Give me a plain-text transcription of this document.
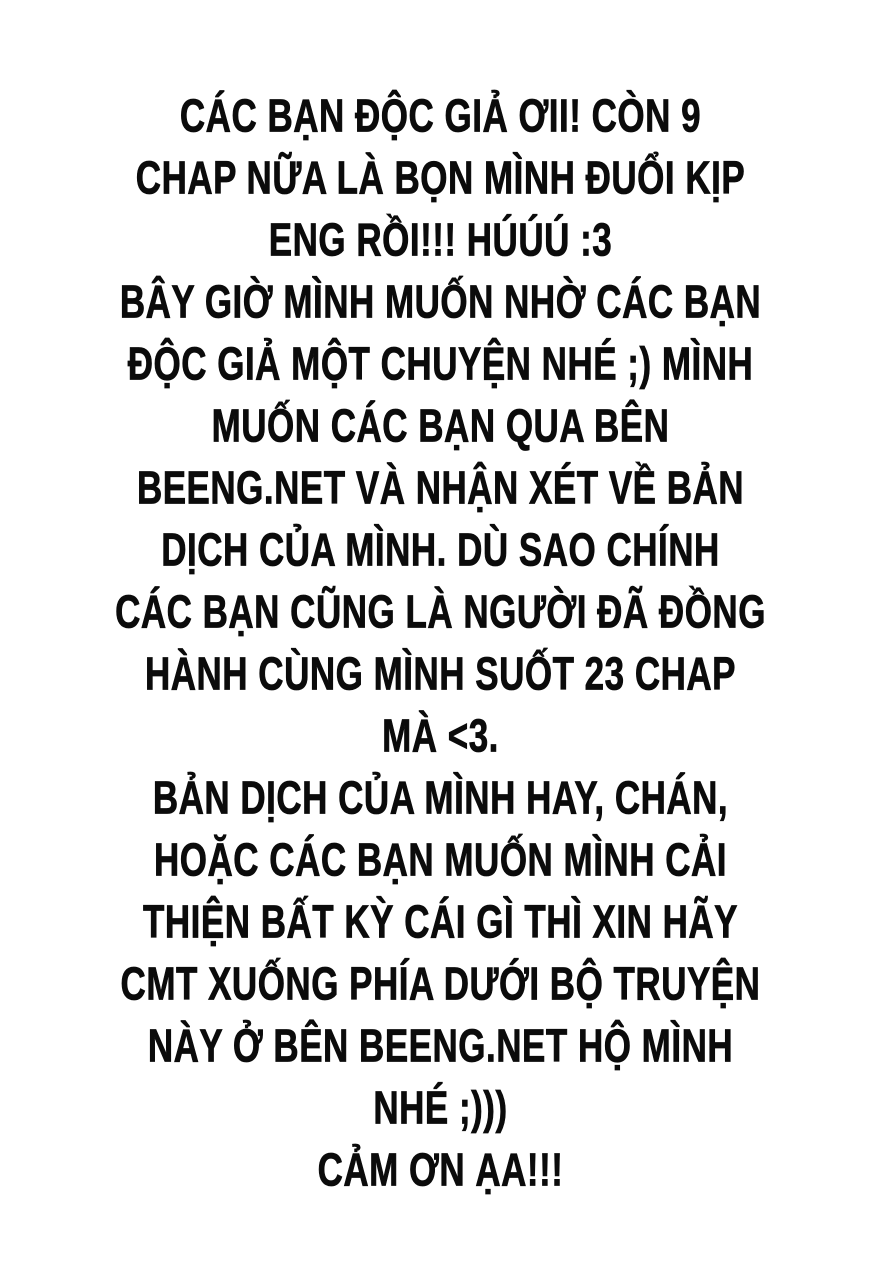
CÁC BẠN ĐỘC GIẢ ƠII! CÒN 9
CHAP NỮA LÀ BỌN MÌNH ĐUỔI KỊP
ENG RỒI!!! HÚÚÚ :3
BÂY GIỜ MÌNH MUỐN NHỜ CÁC BẠN
ĐỘC GIẢ MỘT CHUYỆN NHÉ ;) MÌNH
MUỐN CÁC BẠN QUA BÊN
BEENG.NET VÀ NHẬN XÉT VỀ BẢN
DỊCH CỦA MÌNH. DÙ SAO CHÍNH
CÁC BẠN CŨNG LÀ NGƯỜI ĐÃ ĐỒNG
HÀNH CÙNG MÌNH SUỐT 23 CHAP
MÀ <3.
BẢN DỊCH CỦA MÌNH HAY, CHÁN,
HOẶC CÁC BẠN MUỐN MÌNH CẢI
THIỆN BẤT KỲ CÁI GÌ THÌ XIN HÃY
CMT XUỐNG PHÍA DƯỚI BỘ TRUYỆN
NÀY Ở BÊN BEENG.NET HỘ MÌNH
NHÉ ;)))
CẢM ƠN ẠA!!!
